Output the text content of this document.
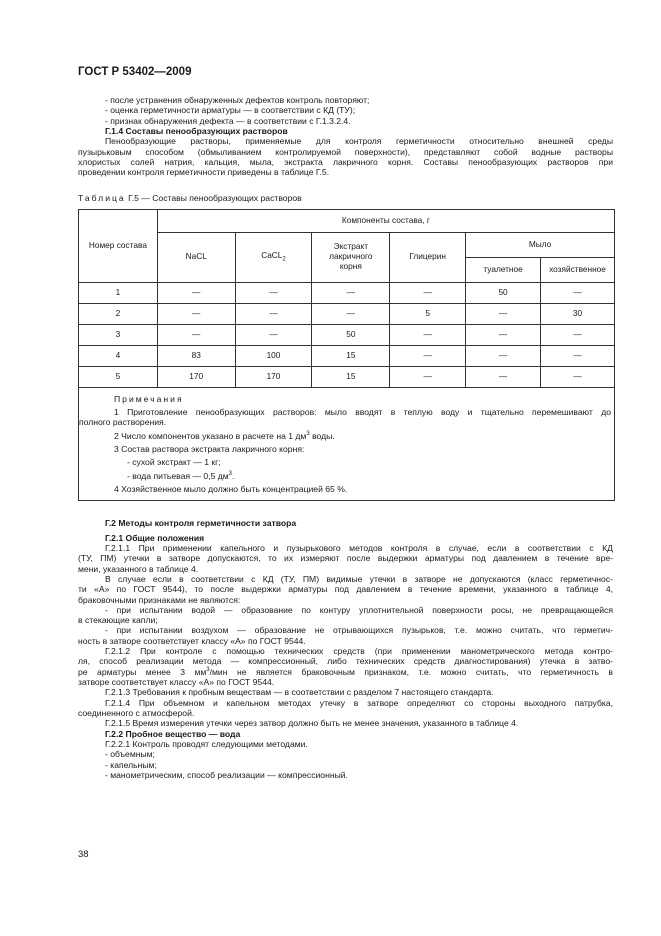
ГОСТ Р 53402—2009

- после устранения обнаруженных дефектов контроль повторяют;

- оценка герметичности арматуры — в соответствии с КД (ТУ);

- признак обнаружения дефекта — в соответствии с Г.1.3.2.4.

Г.1.4 Составы пенообразующих растворов

Пенообразующие растворы, применяемые для контроля герметичности относительно внешней среды

пузырьковым способом (обмыливанием контролируемой поверхности), представляют собой водные растворы

хлористых солей натрия, кальция, мыла, экстракта лакричного корня. Составы пенообразующих растворов при

проведении контроля герметичности приведены в таблице Г.5.

Таблица Г.5 — Составы пенообразующих растворов

Номер состава	Компоненты состава, г					
	NaCL	CaCL$_2$	Экстракт
лакричного
корня	Глицерин	Мыло	
					туалетное	хозяйственное
1	—	—	—	—	50	—
2	—	—	—	5	—	30
3	—	—	50	—	—	—
4	83	100	15	—	—	—
5	170	170	15	—	—	—

Примечания

1 Приготовление пенообразующих растворов: мыло вводят в теплую воду и тщательно перемешивают до

полного растворения.

2 Число компонентов указано в расчете на 1 $дм^3$ воды.

3 Состав раствора экстракта лакричного корня:

- сухой экстракт — 1 кг;

- вода питьевая — 0,5 $дм^3$.

4 Хозяйственное мыло должно быть концентрацией 65 %.

Г.2 Методы контроля герметичности затвора

Г.2.1 Общие положения

Г.2.1.1 При применении капельного и пузырькового методов контроля в случае, если в соответствии с КД

(ТУ, ПМ) утечки в затворе допускаются, то их измеряют после выдержки арматуры под давлением в течение вре-

мени, указанного в таблице 4.

В случае если в соответствии с КД (ТУ, ПМ) видимые утечки в затворе не допускаются (класс герметичнос-

ти «А» по ГОСТ 9544), то после выдержки арматуры под давлением в течение времени, указанного в таблице 4,

браковочными признаками не являются:

- при испытании водой — образование по контуру уплотнительной поверхности росы, не превращающейся

в стекающие капли;

- при испытании воздухом — образование не отрывающихся пузырьков, т.е. можно считать, что герметич-

ность в затворе соответствует классу «А» по ГОСТ 9544.

Г.2.1.2 При контроле с помощью технических средств (при применении манометрического метода контро-

ля, способ реализации метода — компрессионный, либо технических средств диагностирования) утечка в затво-

ре арматуры менее 3 $мм^3$/мин не является браковочным признаком, т.е. можно считать, что герметичность в

затворе соответствует классу «А» по ГОСТ 9544.

Г.2.1.3 Требования к пробным веществам — в соответствии с разделом 7 настоящего стандарта.

Г.2.1.4 При объемном и капельном методах утечку в затворе определяют со стороны выходного патрубка,

соединенного с атмосферой.

Г.2.1.5 Время измерения утечки через затвор должно быть не менее значения, указанного в таблице 4.

Г.2.2 Пробное вещество — вода

Г.2.2.1 Контроль проводят следующими методами.

- объемным;

- капельным;

- манометрическим, способ реализации — компрессионный.

38
